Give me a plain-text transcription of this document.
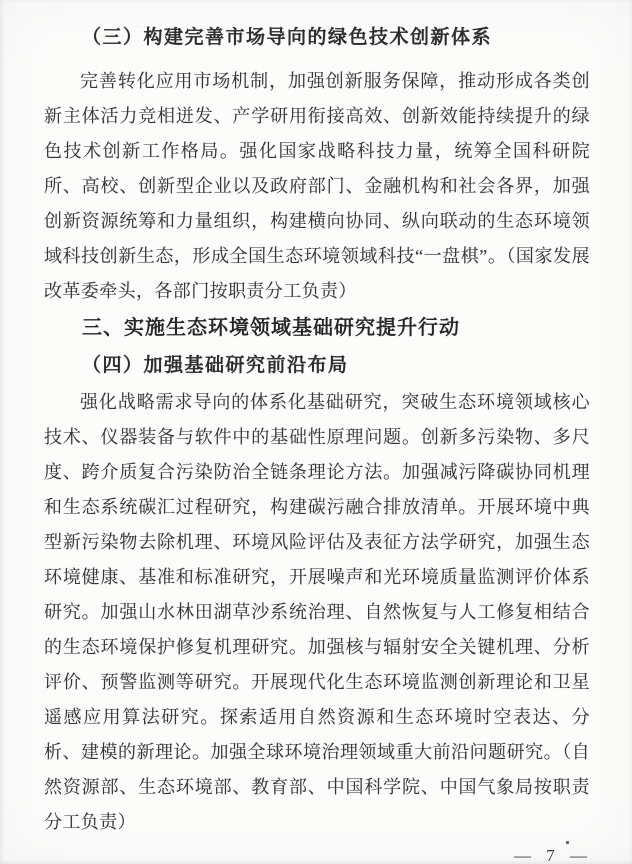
（三）构建完善市场导向的绿色技术创新体系

完善转化应用市场机制，加强创新服务保障，推动形成各类创新主体活力竞相迸发、产学研用衔接高效、创新效能持续提升的绿色技术创新工作格局。强化国家战略科技力量，统筹全国科研院所、高校、创新型企业以及政府部门、金融机构和社会各界，加强创新资源统筹和力量组织，构建横向协同、纵向联动的生态环境领域科技创新生态，形成全国生态环境领域科技“一盘棋”。（国家发展改革委牵头，各部门按职责分工负责）

三、实施生态环境领域基础研究提升行动
（四）加强基础研究前沿布局

强化战略需求导向的体系化基础研究，突破生态环境领域核心技术、仪器装备与软件中的基础性原理问题。创新多污染物、多尺度、跨介质复合污染防治全链条理论方法。加强减污降碳协同机理和生态系统碳汇过程研究，构建碳污融合排放清单。开展环境中典型新污染物去除机理、环境风险评估及表征方法学研究，加强生态环境健康、基准和标准研究，开展噪声和光环境质量监测评价体系研究。加强山水林田湖草沙系统治理、自然恢复与人工修复相结合的生态环境保护修复机理研究。加强核与辐射安全关键机理、分析评价、预警监测等研究。开展现代化生态环境监测创新理论和卫星遥感应用算法研究。探索适用自然资源和生态环境时空表达、分析、建模的新理论。加强全球环境治理领域重大前沿问题研究。（自然资源部、生态环境部、教育部、中国科学院、中国气象局按职责分工负责）

— 7 —
